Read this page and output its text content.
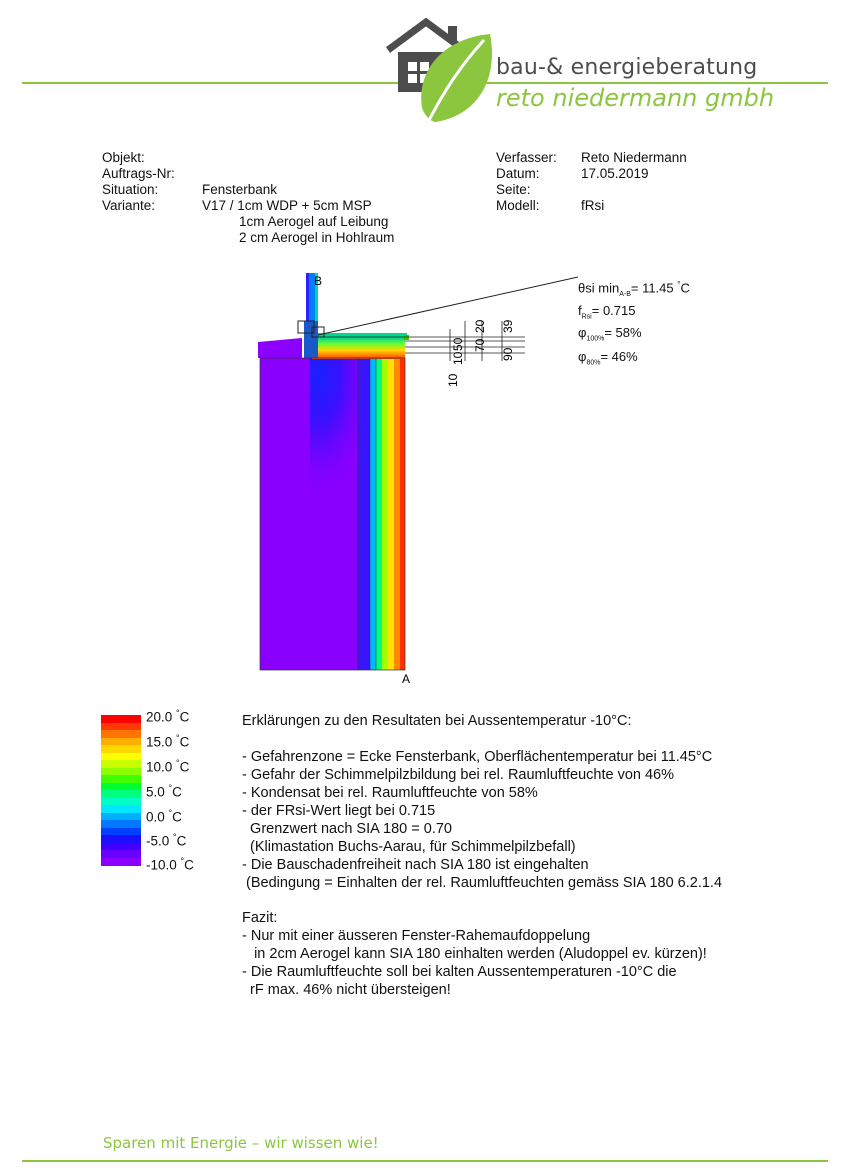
bau-& energieberatung
reto niedermann gmbh
Objekt:
Auftrags-Nr:
Situation:	Fensterbank
Variante:	V17 / 1cm WDP + 5cm MSP
1cm Aerogel auf Leibung
2 cm Aerogel in Hohlraum
Verfasser: Reto Niedermann
Datum:	17.05.2019
Seite:
Modell:	fRsi
B
A
50
20 39
70
90
10
10
θsi $\min_{A-B}= 11.45$ °C
$f_{Rsi}= 0.715$
$\varphi_{100\%}= 58\%$
$\varphi_{80\%}= 46\%$
20.0 °C
15.0 °C
10.0 °C
5.0 °C
0.0 °C
-5.0 °C
-10.0 °C
Erklärungen zu den Resultaten bei Aussentemperatur -10°C:
- Gefahrenzone = Ecke Fensterbank, Oberflächentemperatur bei 11.45°C
- Gefahr der Schimmelpilzbildung bei rel. Raumluftfeuchte von 46%
- Kondensat bei rel. Raumluftfeuchte von 58%
- der FRsi-Wert liegt bei 0.715
Grenzwert nach SIA 180 = 0.70
(Klimastation Buchs-Aarau, für Schimmelpilzbefall)
- Die Bauschadenfreiheit nach SIA 180 ist eingehalten
(Bedingung = Einhalten der rel. Raumluftfeuchten gemäss SIA 180 6.2.1.4
Fazit:
- Nur mit einer äusseren Fenster-Rahemaufdoppelung
in 2cm Aerogel kann SIA 180 einhalten werden (Aludoppel ev. kürzen)!
- Die Raumluftfeuchte soll bei kalten Aussentemperaturen -10°C die
rF max. 46% nicht übersteigen!
Sparen mit Energie – wir wissen wie!
